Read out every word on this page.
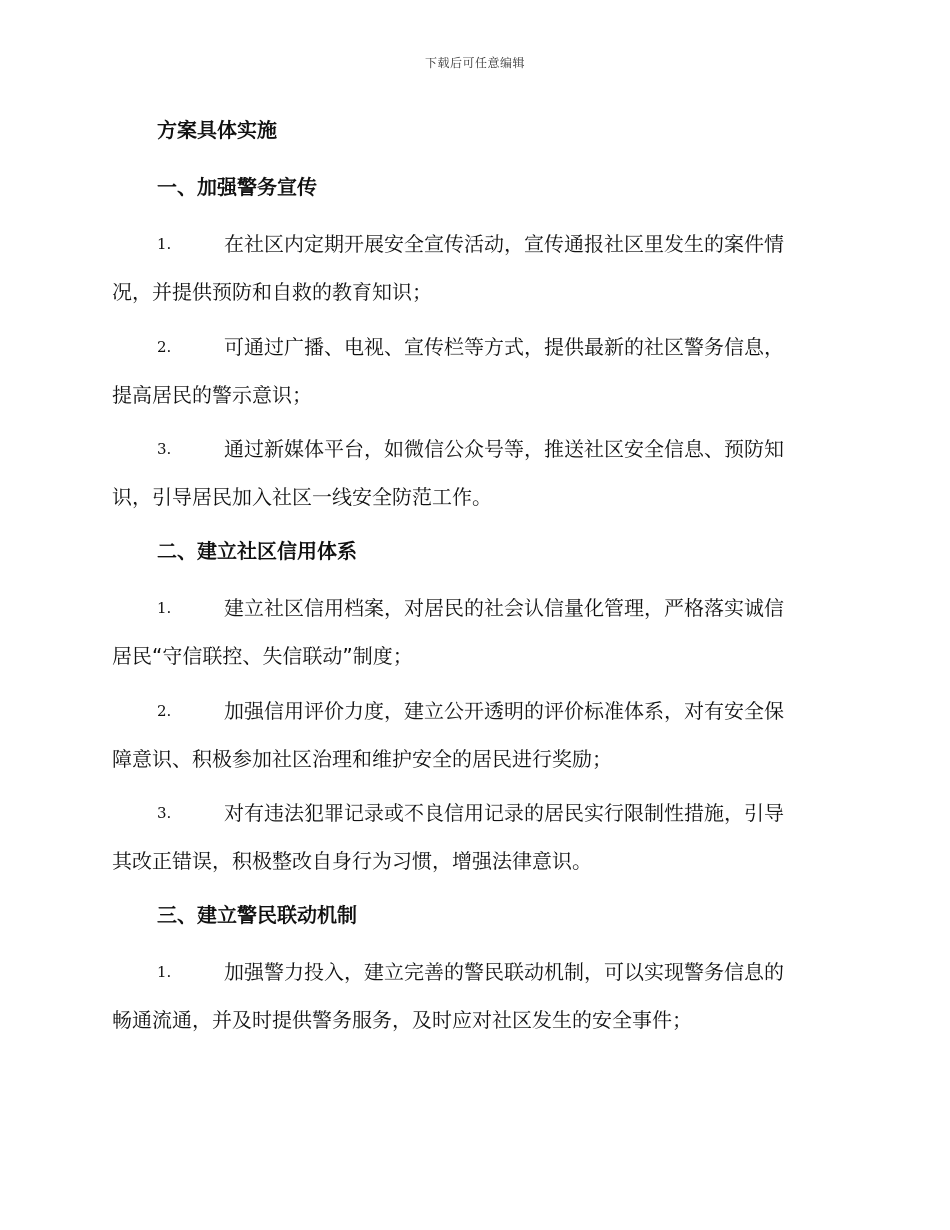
下载后可任意编辑
方案具体实施
一、加强警务宣传
1.	在社区内定期开展安全宣传活动，宣传通报社区里发生的案件情
况，并提供预防和自救的教育知识；
2.	可通过广播、电视、宣传栏等方式，提供最新的社区警务信息，
提高居民的警示意识；
3.	通过新媒体平台，如微信公众号等，推送社区安全信息、预防知
识，引导居民加入社区一线安全防范工作。
二、建立社区信用体系
1.	建立社区信用档案，对居民的社会认信量化管理，严格落实诚信
居民“守信联控、失信联动”制度；
2.	加强信用评价力度，建立公开透明的评价标准体系，对有安全保
障意识、积极参加社区治理和维护安全的居民进行奖励；
3.	对有违法犯罪记录或不良信用记录的居民实行限制性措施，引导
其改正错误，积极整改自身行为习惯，增强法律意识。
三、建立警民联动机制
1.	加强警力投入，建立完善的警民联动机制，可以实现警务信息的
畅通流通，并及时提供警务服务，及时应对社区发生的安全事件；
